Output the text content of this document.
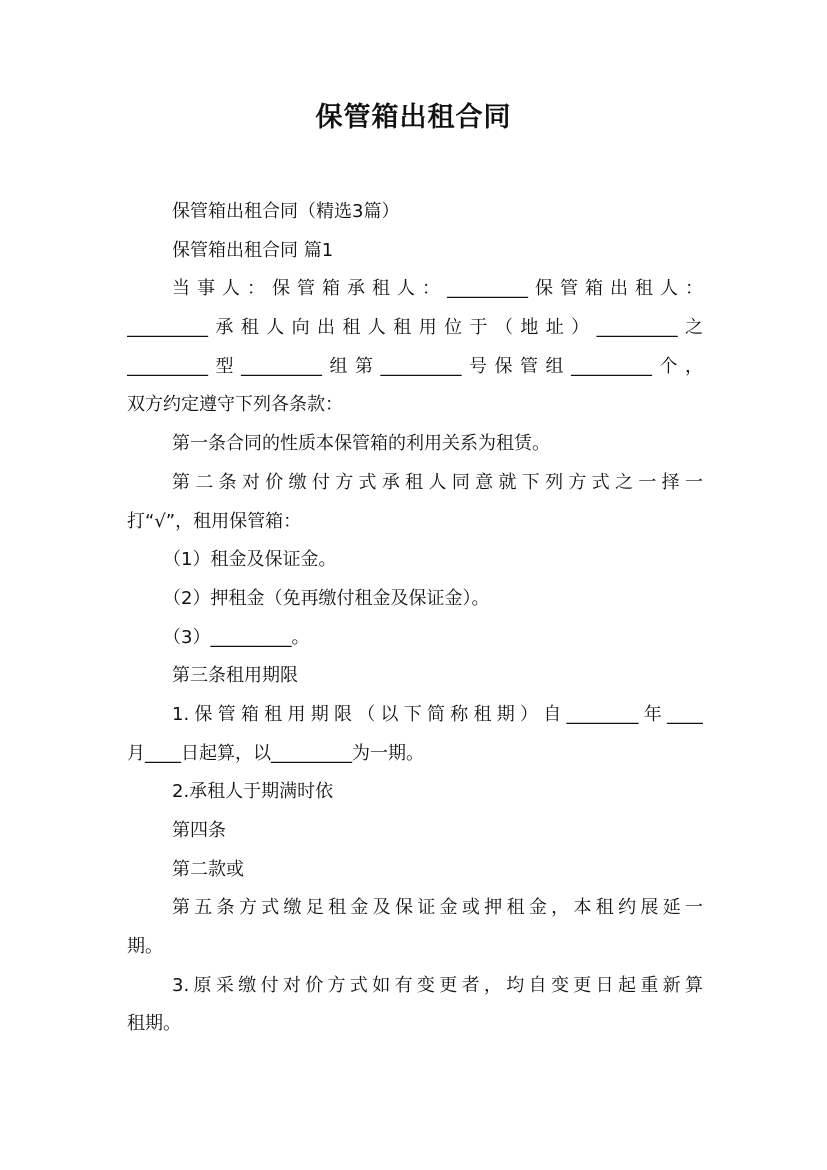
保管箱出租合同
保管箱出租合同（精选3篇）
保管箱出租合同 篇1
当事人：保管箱承租人：_________保管箱出租人：
_________承租人向出租人租用位于（地址）_________之
_________型_________组第_________号保管组_________个，
双方约定遵守下列各条款：
第一条合同的性质本保管箱的利用关系为租赁。
第二条对价缴付方式承租人同意就下列方式之一择一
打“√”，租用保管箱：
（1）租金及保证金。
（2）押租金（免再缴付租金及保证金）。
（3）_________。
第三条租用期限
1.保管箱租用期限（以下简称租期）自________年____
月____日起算，以_________为一期。
2.承租人于期满时依
第四条
第二款或
第五条方式缴足租金及保证金或押租金，本租约展延一
期。
3.原采缴付对价方式如有变更者，均自变更日起重新算
租期。
